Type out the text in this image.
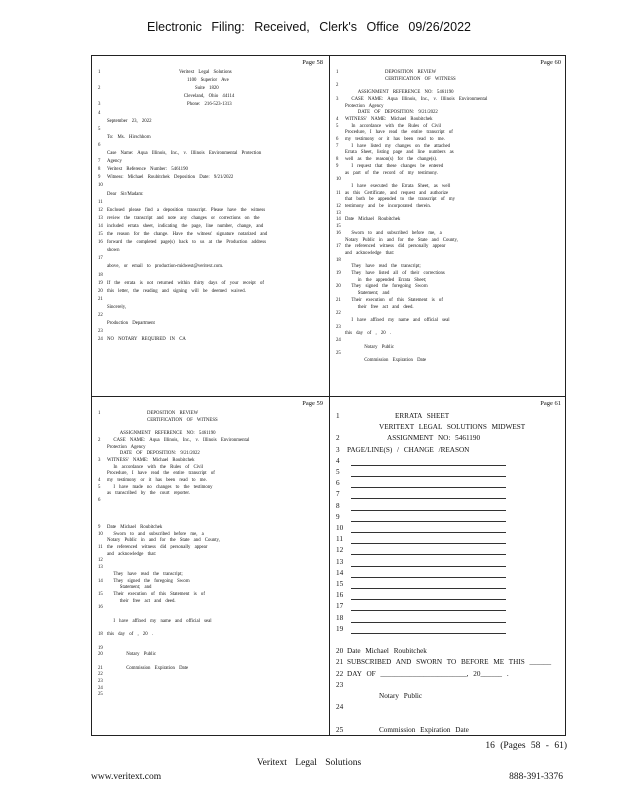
Electronic Filing: Received, Clerk's Office 09/26/2022
Page 58
1	Veritext Legal Solutions
1100 Superior Ave
2	Suite 1820
Cleveland, Ohio 44114
3	Phone: 216-523-1313
4
September 23, 2022
5
To: Ms. Hirschhorn
6
Case Name: Aqua Illinois, Inc., v. Illinois Environmental Protection
7 Agency
8 Veritext Reference Number: 5461190
9 Witness: Michael Roubitchek Deposition Date: 9/21/2022
10
Dear Sir/Madam:
11
12 Enclosed please find a deposition transcript. Please have the witness
13 review the transcript and note any changes or corrections on the
14 included errata sheet, indicating the page, line number, change, and
15 the reason for the change. Have the witness' signature notarized and
16 forward the completed page(s) back to us at the Production address
shown
17
above, or email to production-midwest@veritext.com.
18
19 If the errata is not returned within thirty days of your receipt of
20 this letter, the reading and signing will be deemed waived.
21
Sincerely,
22
Production Department
23
24 NO NOTARY REQUIRED IN CA
Page 60
1	DEPOSITION REVIEW
CERTIFICATION OF WITNESS
2
ASSIGNMENT REFERENCE NO: 5461190
3	CASE NAME: Aqua Illinois, Inc., v. Illinois Environmental
Protection Agency
DATE OF DEPOSITION: 9/21/2022
4 WITNESS' NAME: Michael Roubitchek
5	In accordance with the Rules of Civil
Procedure, I have read the entire transcript of
6 my testimony or it has been read to me.
7	I have listed my changes on the attached
Errata Sheet, listing page and line numbers as
8 well as the reason(s) for the change(s).
9	I request that these changes be entered
as part of the record of my testimony.
10
I have executed the Errata Sheet, as well
11 as this Certificate, and request and authorize
that both be appended to the transcript of my
12 testimony and be incorporated therein.
13
14 Date Michael Roubitchek
15
16 Sworn to and subscribed before me, a
Notary Public in and for the State and County,
17 the referenced witness did personally appear
and acknowledge that:
18
They have read the transcript;
19 They have listed all of their corrections
in the appended Errata Sheet;
20 They signed the foregoing Sworn
Statement; and
21 Their execution of this Statement is of
their free act and deed.
22
I have affixed my name and official seal
23
this day of , 20 .
24
Notary Public
25
Commission Expiration Date
Page 59
1	DEPOSITION REVIEW
CERTIFICATION OF WITNESS
ASSIGNMENT REFERENCE NO: 5461190
2	CASE NAME: Aqua Illinois, Inc., v. Illinois Environmental
Protection Agency
DATE OF DEPOSITION: 9/21/2022
3 WITNESS' NAME: Michael Roubitchek
In accordance with the Rules of Civil
Procedure, I have read the entire transcript of
4 my testimony or it has been read to me.
5	I have made no changes to the testimony
as transcribed by the court reporter.
6
9 Date Michael Roubitchek
10 Sworn to and subscribed before me, a
Notary Public in and for the State and County,
11 the referenced witness did personally appear
and acknowledge that:
12
13
They have read the transcript;
14 They signed the foregoing Sworn
Statement; and
15 Their execution of this Statement is of
their free act and deed.
16
I have affixed my name and official seal
18 this day of , 20 .
19
20	Notary Public
21	Commission Expiration Date
22
23
24
25
Page 61
1	ERRATA SHEET
VERITEXT LEGAL SOLUTIONS MIDWEST
2	ASSIGNMENT NO: 5461190
3 PAGE/LINE(S) / CHANGE /REASON
4
5
6
7
8
9
10
11
12
13
14
15
16
17
18
19
20 Date Michael Roubitchek
21 SUBSCRIBED AND SWORN TO BEFORE ME THIS ______
22 DAY OF ________________________, 20______ .
23
Notary Public
24
25	Commission Expiration Date
16 (Pages 58 - 61)
Veritext Legal Solutions
www.veritext.com	888-391-3376
